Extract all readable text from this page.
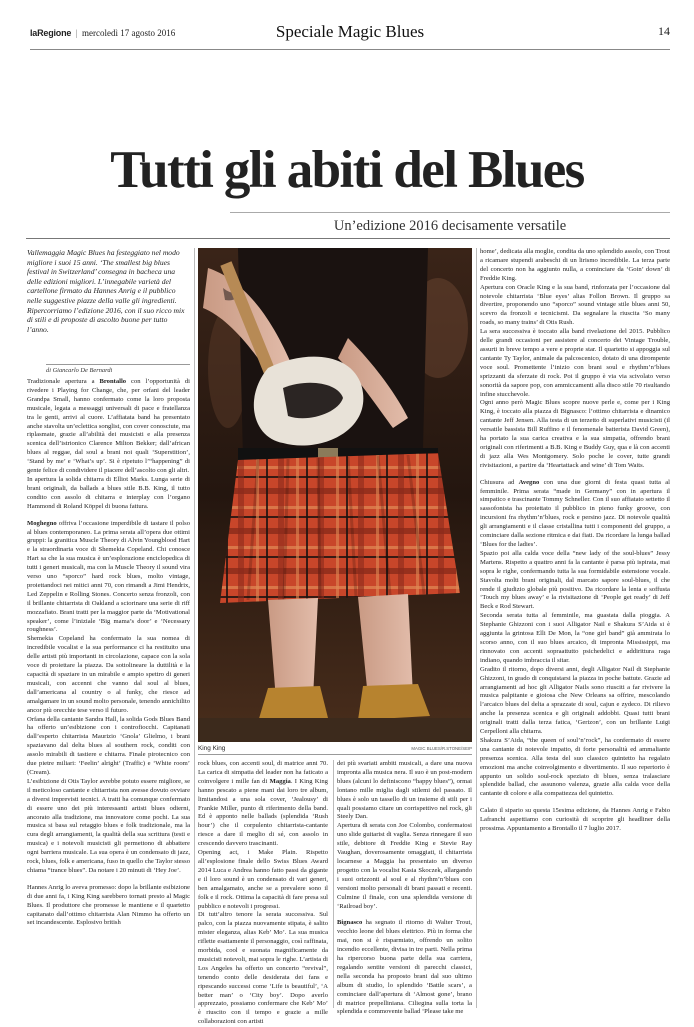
laRegione  |  mercoledì 17 agosto 2016	Speciale Magic Blues	14
Tutti gli abiti del Blues
Un’edizione 2016 decisamente versatile
Vallemaggia Magic Blues ha festeggiato nel modo migliore i suoi 15 anni. ‘The smallest big blues festival in Switzerland’ consegna in bacheca una delle edizioni migliori. L’innegabile varietà del cartellone firmato da Hannes Anrig e il pubblico nelle suggestive piazze della valle gli ingredienti. Ripercorriamo l’edizione 2016, con il suo ricco mix di stili e di proposte di ascolto buone per tutto l’anno.
di Giancarlo De Bernardi

Tradizionale apertura a Brontallo con l’opportunità di rivedere i Playing for Change, che, per orfani del leader Grandpa Small, hanno confermato come la loro proposta musicale, legata a messaggi universali di pace e fratellanza tra le genti, arrivi al cuore. L’affiatata band ha presentato anche stavolta un’eclettica songlist, con cover conosciute, ma riplasmate, grazie all’abilità dei musicisti e alla presenza scenica dell’istrionico Clarence Milton Bekker; dall’african blues al reggae, dal soul a brani noi quali ‘Superstition’, ‘Stand by me’ e ‘What’s up’. Si è ripetuto l’“happening” di gente felice di condividere il piacere dell’ascolto con gli altri.

In apertura la solida chitarra di Elliot Marks. Lunga serie di brani originali, da ballads a blues stile B.B. King, il tutto condito con assolo di chitarra e interplay con l’organo Hammond di Roland Köppel di buona fattura.

Moghegno offriva l’occasione imperdibile di tastare il polso al blues contemporaneo. La prima serata all’opera due ottimi gruppi: la granitica Muscle Theory di Alvin Youngblood Hart e la straordinaria voce di Shemekia Copeland. Chi conosce Hart sa che la sua musica è un’esplorazione enciclopedica di tutti i generi musicali, ma con la Muscle Theory il sound vira verso uno “sporco” hard rock blues, molto vintage, proiettandoci nei mitici anni 70, con rimandi a Jimi Hendrix, Led Zeppelin e Rolling Stones. Concerto senza fronzoli, con il brillante chitarrista di Oakland a sciorinare una serie di riff mozzafiato. Brani tratti per la maggior parte da ‘Motivational speaker’, come l’iniziale ‘Big mama’s door’ e ‘Necessary roughness’.

Shemekia Copeland ha confermato la sua nomea di incredibile vocalist e la sua performance ci ha restituito una delle artisti più importanti in circolazione, capace con la sola voce di proiettare la piazza. Da sottolineare la duttilità e la capacità di spaziare in un mirabile e ampio spettro di generi musicali, con accenni che vanno dal soul al blues, dall’americana al country o al funky, che riesce ad amalgamare in un sound molto personale, tenendo annichilito ancor più orecchie tese verso il futuro.

Orfana della cantante Sandra Hall, la solida Gods Blues Band ha offerto un’esibizione con i controfiocchi. Capitanati dall’esperto chitarrista Maurizio ‘Gnola’ Glielmo, i brani spaziavano dal delta blues al southern rock, conditi con assolo mirabili di tastiere e chitarra. Finale pirotecnico con due pietre miliari: ‘Feelin’ alright’ (Traffic) e ‘White room’ (Cream).

L’esibizione di Otis Taylor avrebbe potuto essere migliore, se il meticoloso cantante e chitarrista non avesse dovuto ovviare a diversi imprevisti tecnici. A tratti ha comunque confermato di essere uno dei più interessanti artisti blues odierni, ancorato alla tradizione, ma innovatore come pochi. La sua musica si basa sul retaggio blues e folk tradizionale, ma la cura degli arrangiamenti, la qualità della sua scrittura (testi e musica) e i notevoli musicisti gli permettono di abbattere ogni barriera musicale. La sua opera è un condensato di jazz, rock, blues, folk e americana, fuso in quello che Taylor stesso chiama “trance blues”. Da notare i 20 minuti di ‘Hey Joe’.

Hannes Anrig lo aveva promesso: dopo la brillante esibizione di due anni fa, i King King sarebbero tornati presto al Magic Blues. Il produttore che promesse le mantiene e il quartetto capitanato dall’ottimo chitarrista Alan Nimmo ha offerto un set incandescente. Esplosivo british

King King	MAGIC BLUES/R.STONE/SEIP

rock blues, con accenti soul, di matrice anni 70. La carica di simpatia del leader non ha faticato a coinvolgere i mille fan di Maggia. I King King hanno pescato a piene mani dai loro tre album, limitandosi a una sola cover, ‘Jealousy’ di Frankie Miller, punto di riferimento della band. Ed è apponto nelle ballads (splendida ‘Rush hour’) che il corpulento chitarrista-cantante riesce a dare il meglio di sé, con assolo in crescendo davvero trascinanti.

Opening act, i Make Plain. Rispetto all’esplosione finale dello Swiss Blues Award 2014 Luca e Andrea hanno fatto passi da gigante e il loro sound è un condensato di vari generi, ben amalgamato, anche se a prevalere sono il folk e il rock. Ottima la capacità di fare presa sul pubblico e notevoli i progressi.

Di tutt’altro tenore la serata successiva. Sul palco, con la piazza nuovamente stipata, è salito mister eleganza, alias Keb’ Mo’. La sua musica riflette esattamente il personaggio, così raffinata, morbida, cool e suonata magnificamente da musicisti notevoli, mai sopra le righe. L’artista di Los Angeles ha offerto un concerto “revival”, tenendo conto delle desiderata dei fans e ripescando successi come ‘Life is beautiful’, ‘A better man’ o ‘City boy’. Dopo averlo apprezzato, possiamo confermare che Keb’ Mo’ è riuscito con il tempo e grazie a mille collaborazioni con artisti

dei più svariati ambiti musicali, a dare una nuova impronta alla musica nera. Il suo è un post-modern blues (alcuni lo definiscono “happy blues”), ormai lontano mille miglia dagli stilemi del passato. Il blues è solo un tassello di un insieme di stili per i quali possiamo citare un corrispettivo nel rock, gli Steely Dan.

Apertura di serata con Joe Colombo, confermatosi uno slide guitarist di vaglia. Senza rinnegare il suo stile, debitore di Freddie King e Stevie Ray Vaughan, doverosamente omaggiati, il chitarrista locarnese a Maggia ha presentato un diverso progetto con la vocalist Kasia Skoczek, allargando i suoi orizzonti al soul e al rhythm’n’blues con versioni molto personali di brani passati e recenti. Culmine il finale, con una splendida versione di ‘Railroad boy’.

Bignasco ha segnato il ritorno di Walter Trout, vecchio leone del blues elettrico. Più in forma che mai, non si è risparmiato, offrendo un solito incendio eccellente, divisa in tre parti. Nella prima ha ripercorso buona parte della sua carriera, regalando sentite versioni di parecchi classici, nella seconda ha proposto brani dal suo ultimo album di studio, lo splendido ‘Battle scars’, a cominciare dall’apertura di ‘Almost gone’, brano di matrice prepelliniana. Ciliegina sulla torta la splendida e commovente ballad ‘Please take me

home’, dedicata alla moglie, condita da uno splendido assolo, con Trout a ricamare stupendi arabeschi di un lirismo incredibile. La terza parte del concerto non ha aggiunto nulla, a cominciare da ‘Goin’ down’ di Freddie King.

Apertura con Oracle King e la sua band, rinforzata per l’occasione dal notevole chitarrista ‘Blue eyes’ alias Follon Brown. Il gruppo sa divertire, proponendo uno “sporco” sound vintage stile blues anni 50, scevro da fronzoli e tecnicismi. Da segnalare la riuscita ‘So many roads, so many trains’ di Otis Rush.

La sera successiva è toccato alla band rivelazione del 2015. Pubblico delle grandi occasioni per assistere al concerto dei Vintage Trouble, assurti in breve tempo a vere e proprie star. Il quartetto si appoggia sul cantante Ty Taylor, animale da palcoscenico, dotato di una dirompente voce soul. Promettente l’inizio con brani soul e rhythm’n’blues sprizzanti da sferzate di rock. Poi il gruppo è via via scivolato verso sonorità da sapore pop, con ammiccamenti alla disco stile 70 risultando infine stucchevole.

Ogni anno però Magic Blues scopre nuove perle e, come per i King King, è toccato alla piazza di Bignasco: l’ottimo chitarrista e dinamico cantante Jeff Jensen. Alla testa di un terzetto di superlativi musicisti (il versatile bassista Bill Ruffino e il fenomenale batterista David Green), ha portato la sua carica creativa e la sua simpatia, offrendo brani originali con riferimenti a B.B. King e Buddy Guy, qua e là con accenti di jazz alla Wes Montgomery. Solo poche le cover, tutte grandi rivisitazioni, a partire da ‘Heartattack and wine’ di Tom Waits.

Chiusura ad Avegno con una due giorni di festa quasi tutta al femminile. Prima serata “made in Germany” con in apertura il simpatico e trascinante Tommy Schneller. Con il suo affiatato settetto il sassofonista ha proiettato il pubblico in pieno funky groove, con incursioni fra rhythm’n’blues, rock e persino jazz. Di notevole qualità gli arrangiamenti e il classe cristallina tutti i componenti del gruppo, a cominciare dalla sezione ritmica e dai fiati. Da ricordare la lunga ballad ‘Blues for the ladies’.

Spazio poi alla calda voce della “new lady of the soul-blues” Jessy Martens. Rispetto a quattro anni fa la cantante è parsa più ispirata, mai sopra le righe, confermando tutta la sua formidabile estensione vocale. Stavolta molti brani originali, dal marcato sapore soul-blues, il che rende il giudizio globale più positivo. Da ricordare la lenta e soffusta ‘Touch my blues away’ e la rivisitazione di ‘People get ready’ di Jeff Beck e Rod Stewart.

Seconda serata tutta al femminile, ma guastata dalla pioggia. A Stephanie Ghizzoni con i suoi Alligator Nail e Shakura S’Aida si è aggiunta la grintosa Elli De Mon, la “one girl band” già ammirata lo scorso anno, con il suo blues arcaico, di impronta Mississippi, ma rinnovato con accenti sopraattutto psichedelici e addirittura raga indiano, quando imbraccia il sitar.

Gradito il ritorno, dopo diversi anni, degli Alligator Nail di Stephanie Ghizzoni, in grado di conquistarsi la piazza in poche battute. Grazie ad arrangiamenti ad hoc gli Alligator Nails sono riusciti a far rivivere la musica palpitante e gioiosa che New Orleans sa offrire, mescolando l’arcaico blues del delta a sprazzate di soul, cajun e zydeco. Di rilievo anche la presenza scenica e gli originali addobbi. Quasi tutti brani originali tratti dalla terza fatica, ‘Gerizon’, con un brillante Luigi Cerpelloni alla chitarra.

Shakura S’Aida, “the queen of soul’n’rock”, ha confermato di essere una cantante di notevole impatto, di forte personalità ed ammaliante presenza scenica. Alla testa del suo classico quintetto ha regalato emozioni ma anche coinvolgimento e divertimento. Il suo repertorio è appunto un solido soul-rock speziato di blues, senza tralasciare splendide ballad, che assunono valenza, grazie alla calda voce della cantante di colore e alla compattezza del quintetto.

Calato il sipario su questa 15esima edizione, da Hannes Anrig e Fabio Lafranchi aspettiamo con curiosità di scoprire gli headliner della prossima. Appuntamento a Brontallo il 7 luglio 2017.
